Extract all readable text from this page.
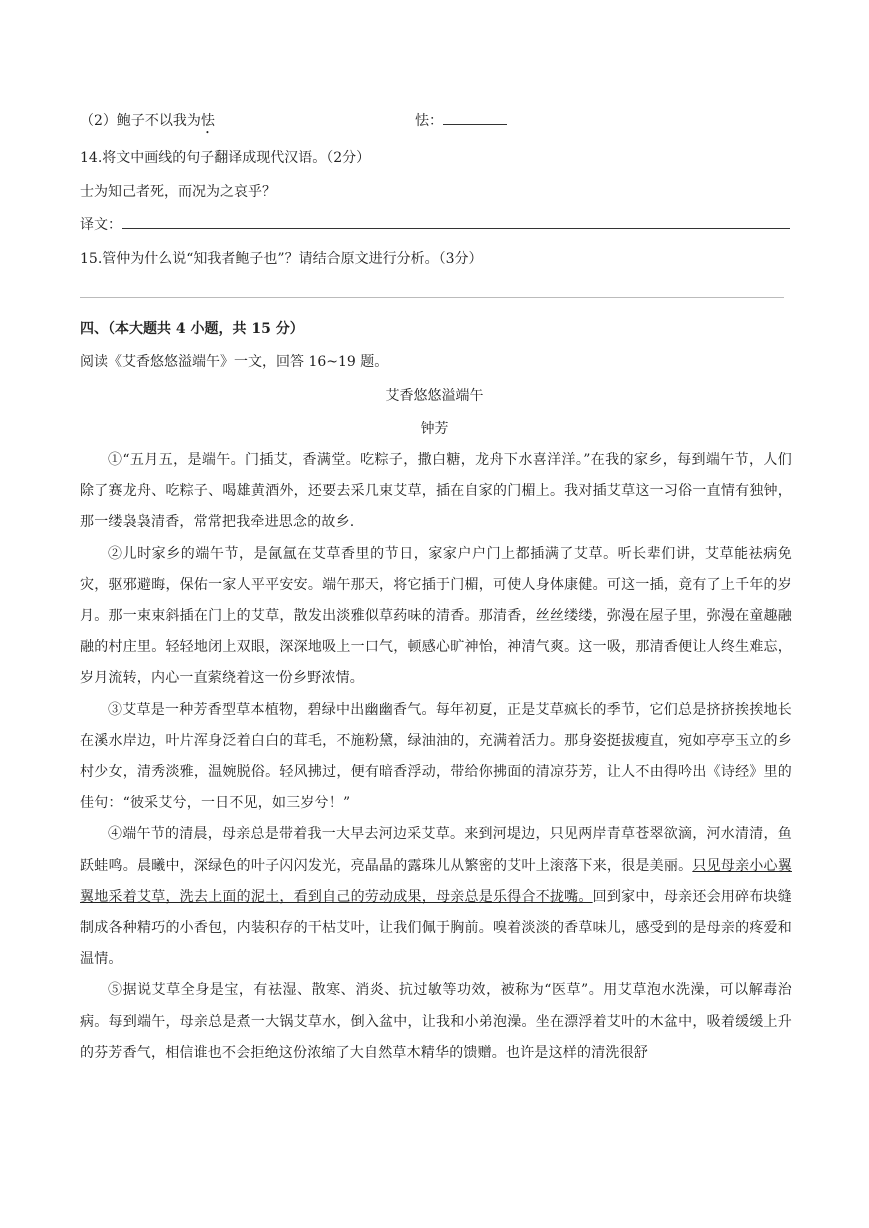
（2）鲍子不以我为怯	怯：
14.将文中画线的句子翻译成现代汉语。（2分）
士为知己者死，而况为之哀乎？
译文：
15.管仲为什么说“知我者鲍子也”？请结合原文进行分析。（3分）
四、（本大题共 4 小题，共 15 分）
阅读《艾香悠悠溢端午》一文，回答 16~19 题。
艾香悠悠溢端午
钟芳

①“五月五，是端午。门插艾，香满堂。吃粽子，撒白糖，龙舟下水喜洋洋。”在我的家乡，每到端午节，人们除了赛龙舟、吃粽子、喝雄黄酒外，还要去采几束艾草，插在自家的门楣上。我对插艾草这一习俗一直情有独钟，那一缕袅袅清香，常常把我牵进思念的故乡.

②儿时家乡的端午节，是氤氲在艾草香里的节日，家家户户门上都插满了艾草。听长辈们讲，艾草能祛病免灾，驱邪避晦，保佑一家人平平安安。端午那天，将它插于门楣，可使人身体康健。可这一插，竟有了上千年的岁月。那一束束斜插在门上的艾草，散发出淡雅似草药味的清香。那清香，丝丝缕缕，弥漫在屋子里，弥漫在童趣融融的村庄里。轻轻地闭上双眼，深深地吸上一口气，顿感心旷神怡，神清气爽。这一吸，那清香便让人终生难忘，岁月流转，内心一直萦绕着这一份乡野浓情。

③艾草是一种芳香型草本植物，碧绿中出幽幽香气。每年初夏，正是艾草疯长的季节，它们总是挤挤挨挨地长在溪水岸边，叶片浑身泛着白白的茸毛，不施粉黛，绿油油的，充满着活力。那身姿挺拔瘦直，宛如亭亭玉立的乡村少女，清秀淡雅，温婉脱俗。轻风拂过，便有暗香浮动，带给你拂面的清凉芬芳，让人不由得吟出《诗经》里的佳句：“彼采艾兮，一日不见，如三岁兮！”

④端午节的清晨，母亲总是带着我一大早去河边采艾草。来到河堤边，只见两岸青草苍翠欲滴，河水清清，鱼跃蛙鸣。晨曦中，深绿色的叶子闪闪发光，亮晶晶的露珠儿从繁密的艾叶上滚落下来，很是美丽。只见母亲小心翼翼地采着艾草，洗去上面的泥土，看到自己的劳动成果，母亲总是乐得合不拢嘴。回到家中，母亲还会用碎布块缝制成各种精巧的小香包，内装积存的干枯艾叶，让我们佩于胸前。嗅着淡淡的香草味儿，感受到的是母亲的疼爱和温情。

⑤据说艾草全身是宝，有祛湿、散寒、消炎、抗过敏等功效，被称为“医草”。用艾草泡水洗澡，可以解毒治病。每到端午，母亲总是煮一大锅艾草水，倒入盆中，让我和小弟泡澡。坐在漂浮着艾叶的木盆中，吸着缓缓上升的芬芳香气，相信谁也不会拒绝这份浓缩了大自然草木精华的馈赠。也许是这样的清洗很舒
